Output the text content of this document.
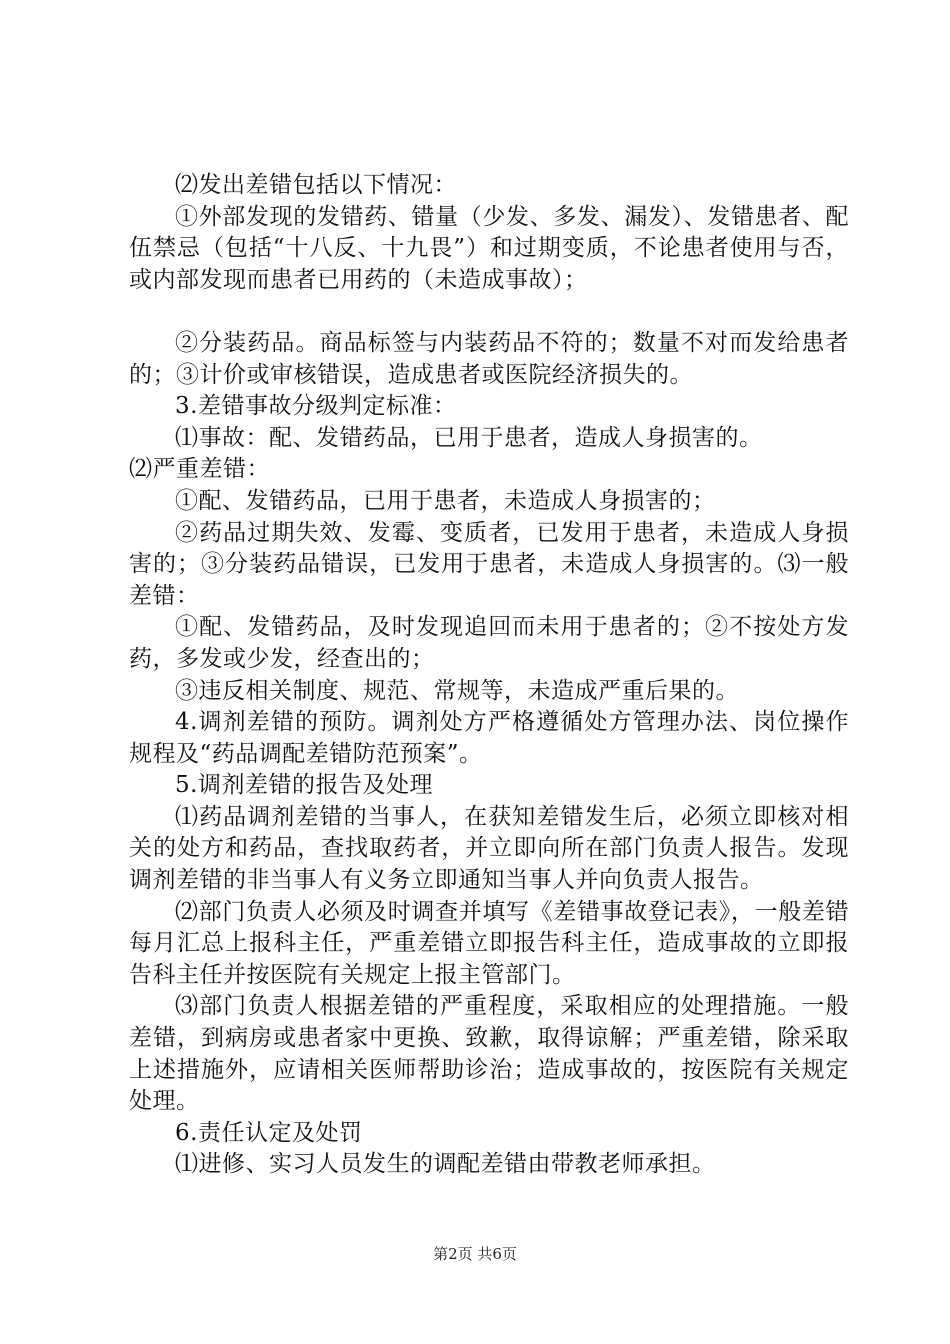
⑵发出差错包括以下情况：

①外部发现的发错药、错量（少发、多发、漏发）、发错患者、配伍禁忌（包括“十八反、十九畏”）和过期变质，不论患者使用与否，或内部发现而患者已用药的（未造成事故）；

②分装药品。商品标签与内装药品不符的；数量不对而发给患者的；③计价或审核错误，造成患者或医院经济损失的。

3.差错事故分级判定标准：

⑴事故：配、发错药品，已用于患者，造成人身损害的。

⑵严重差错：

①配、发错药品，已用于患者，未造成人身损害的；

②药品过期失效、发霉、变质者，已发用于患者，未造成人身损害的；③分装药品错误，已发用于患者，未造成人身损害的。⑶一般差错：

①配、发错药品，及时发现追回而未用于患者的；②不按处方发药，多发或少发，经查出的；

③违反相关制度、规范、常规等，未造成严重后果的。

4.调剂差错的预防。调剂处方严格遵循处方管理办法、岗位操作规程及“药品调配差错防范预案”。

5.调剂差错的报告及处理

⑴药品调剂差错的当事人，在获知差错发生后，必须立即核对相关的处方和药品，查找取药者，并立即向所在部门负责人报告。发现调剂差错的非当事人有义务立即通知当事人并向负责人报告。

⑵部门负责人必须及时调查并填写《差错事故登记表》，一般差错每月汇总上报科主任，严重差错立即报告科主任，造成事故的立即报告科主任并按医院有关规定上报主管部门。

⑶部门负责人根据差错的严重程度，采取相应的处理措施。一般差错，到病房或患者家中更换、致歉，取得谅解；严重差错，除采取上述措施外，应请相关医师帮助诊治；造成事故的，按医院有关规定处理。

6.责任认定及处罚

⑴进修、实习人员发生的调配差错由带教老师承担。

第2页 共6页
